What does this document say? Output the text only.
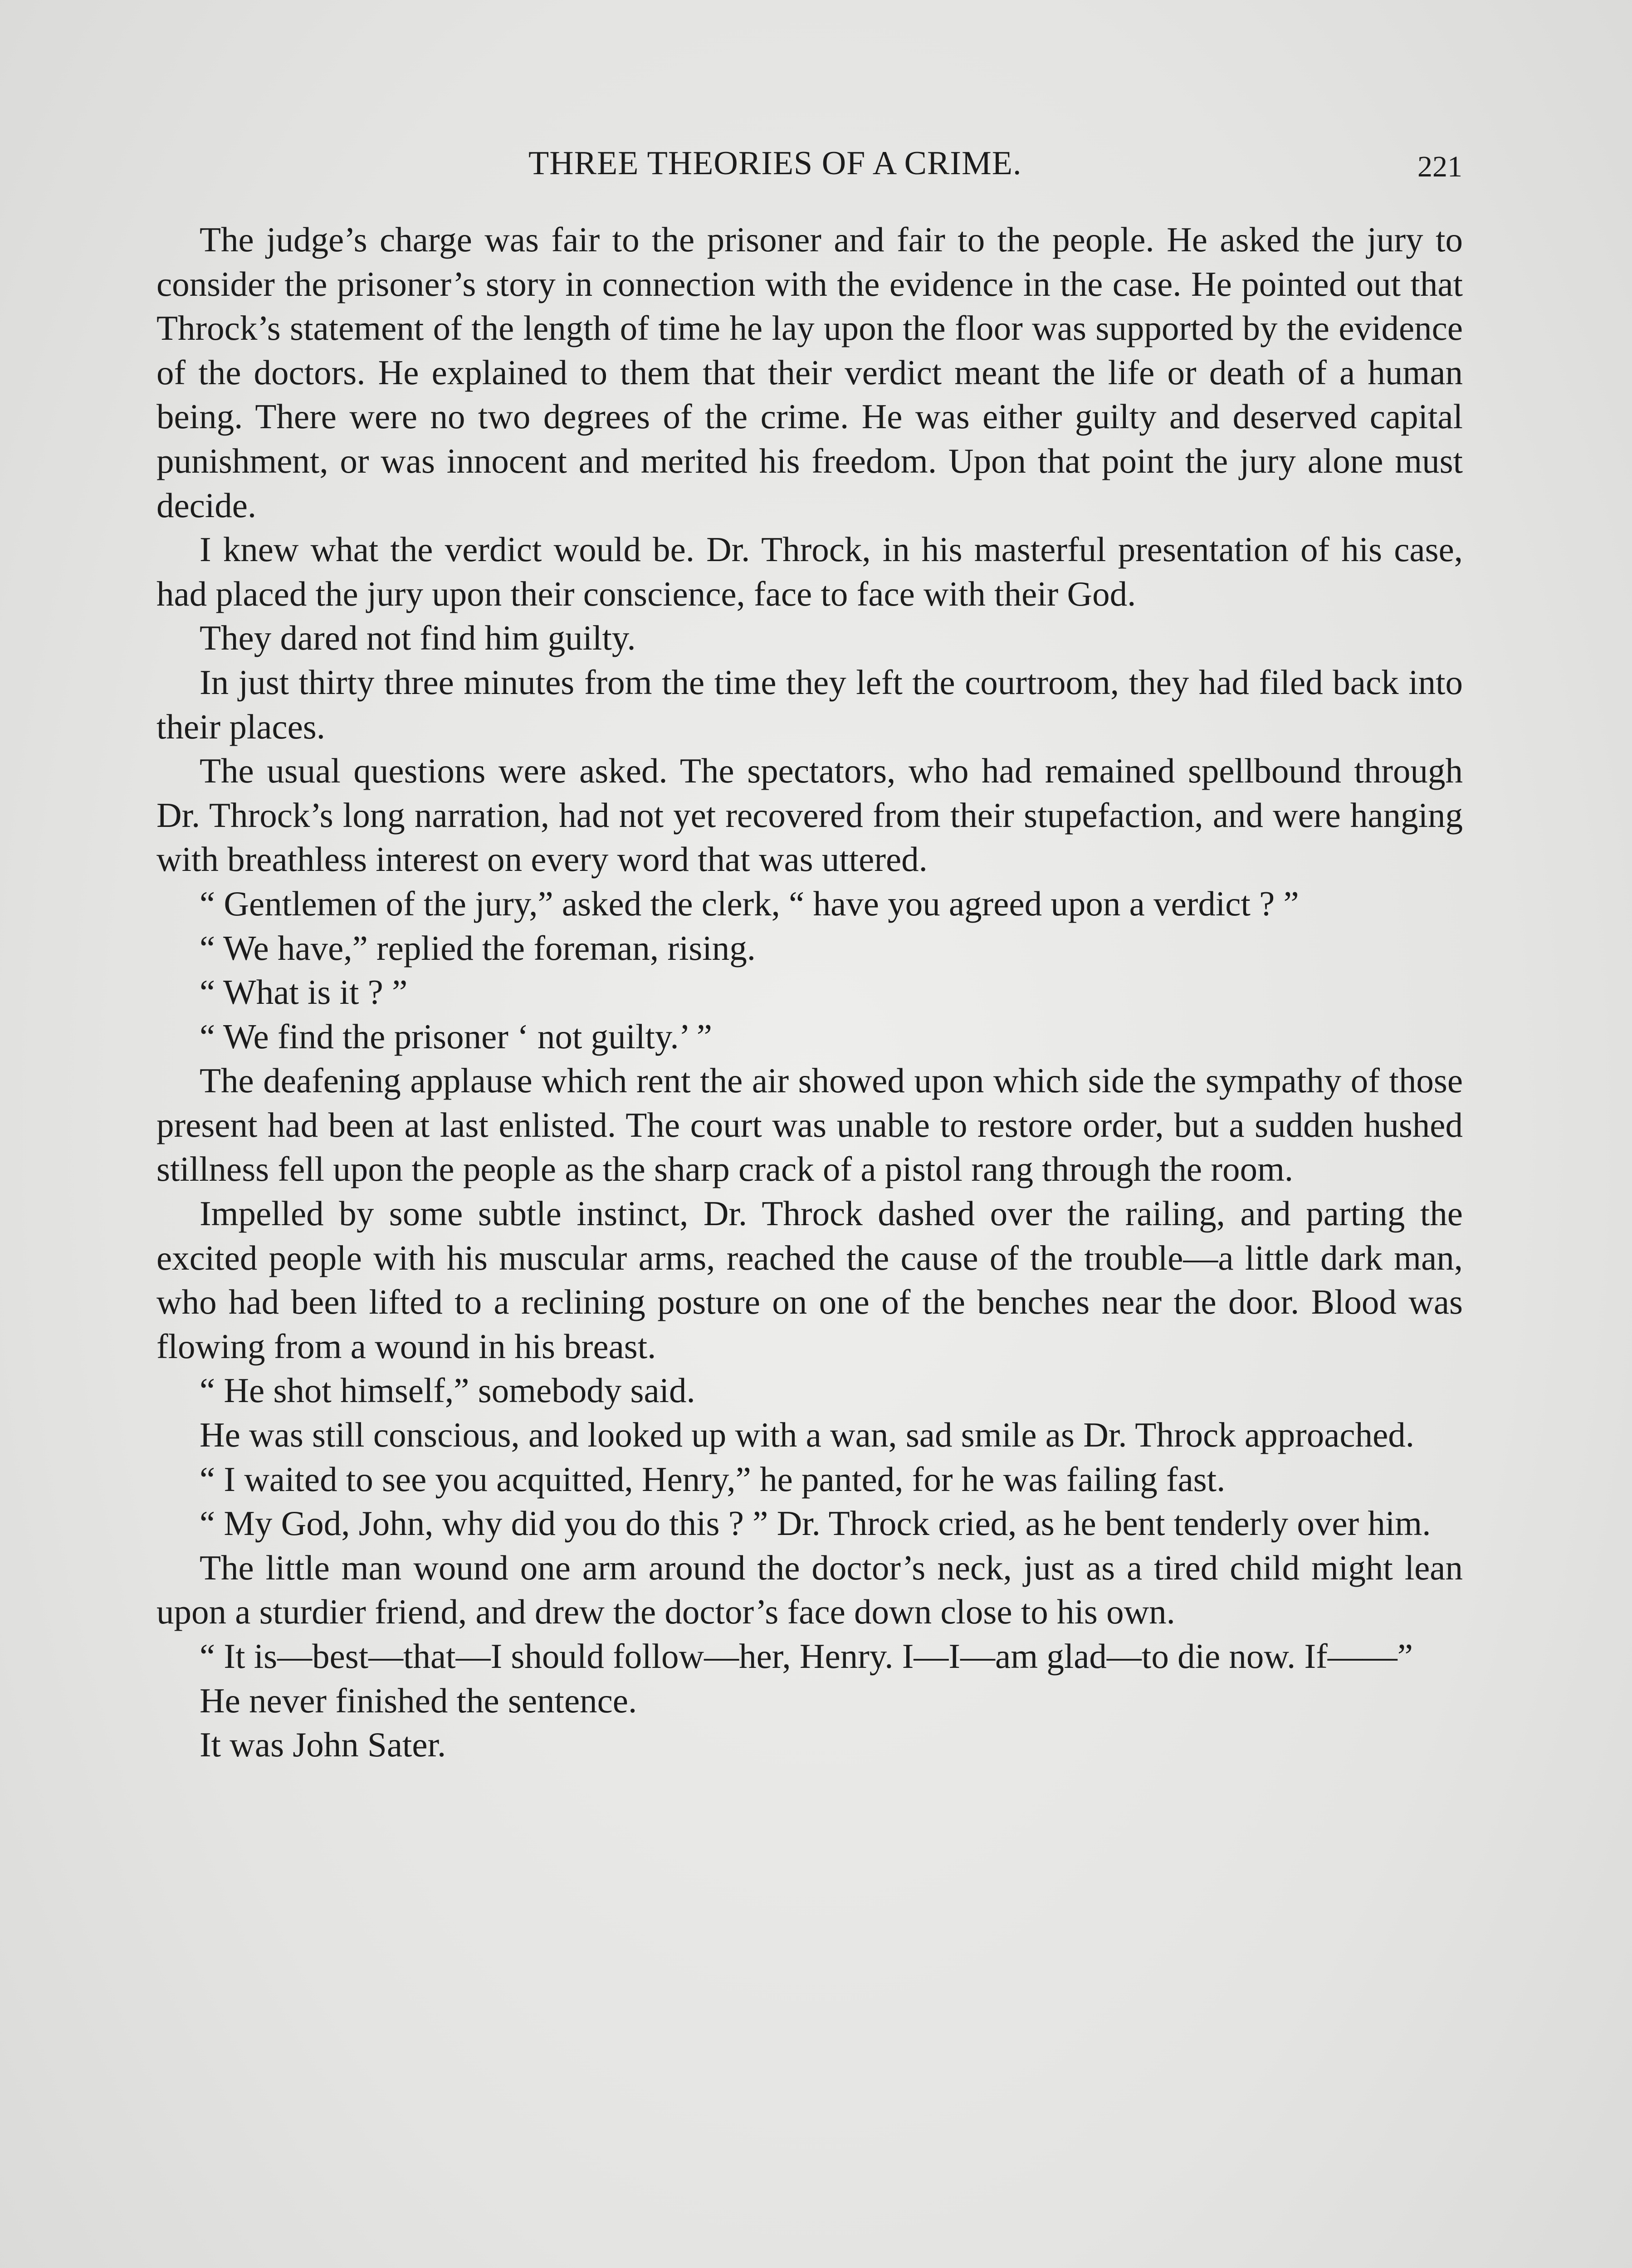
THREE THEORIES OF A CRIME.	221

The judge’s charge was fair to the prisoner and fair to the people. He asked the jury to consider the prisoner’s story in connection with the evidence in the case. He pointed out that Throck’s statement of the length of time he lay upon the floor was supported by the evidence of the doctors. He explained to them that their verdict meant the life or death of a human being. There were no two degrees of the crime. He was either guilty and deserved capital punishment, or was innocent and merited his freedom. Upon that point the jury alone must decide.

I knew what the verdict would be. Dr. Throck, in his masterful presentation of his case, had placed the jury upon their conscience, face to face with their God.

They dared not find him guilty.

In just thirty three minutes from the time they left the courtroom, they had filed back into their places.

The usual questions were asked. The spectators, who had remained spellbound through Dr. Throck’s long narration, had not yet recovered from their stupefaction, and were hanging with breathless interest on every word that was uttered.

“ Gentlemen of the jury,” asked the clerk, “ have you agreed upon a verdict ? ”

“ We have,” replied the foreman, rising.

“ What is it ? ”

“ We find the prisoner ‘ not guilty.’ ”

The deafening applause which rent the air showed upon which side the sympathy of those present had been at last enlisted. The court was unable to restore order, but a sudden hushed stillness fell upon the people as the sharp crack of a pistol rang through the room.

Impelled by some subtle instinct, Dr. Throck dashed over the railing, and parting the excited people with his muscular arms, reached the cause of the trouble—a little dark man, who had been lifted to a reclining posture on one of the benches near the door. Blood was flowing from a wound in his breast.

“ He shot himself,” somebody said.

He was still conscious, and looked up with a wan, sad smile as Dr. Throck approached.

“ I waited to see you acquitted, Henry,” he panted, for he was failing fast.

“ My God, John, why did you do this ? ” Dr. Throck cried, as he bent tenderly over him.

The little man wound one arm around the doctor’s neck, just as a tired child might lean upon a sturdier friend, and drew the doctor’s face down close to his own.

“ It is—best—that—I should follow—her, Henry. I—I—am glad—to die now. If——”

He never finished the sentence.

It was John Sater.
